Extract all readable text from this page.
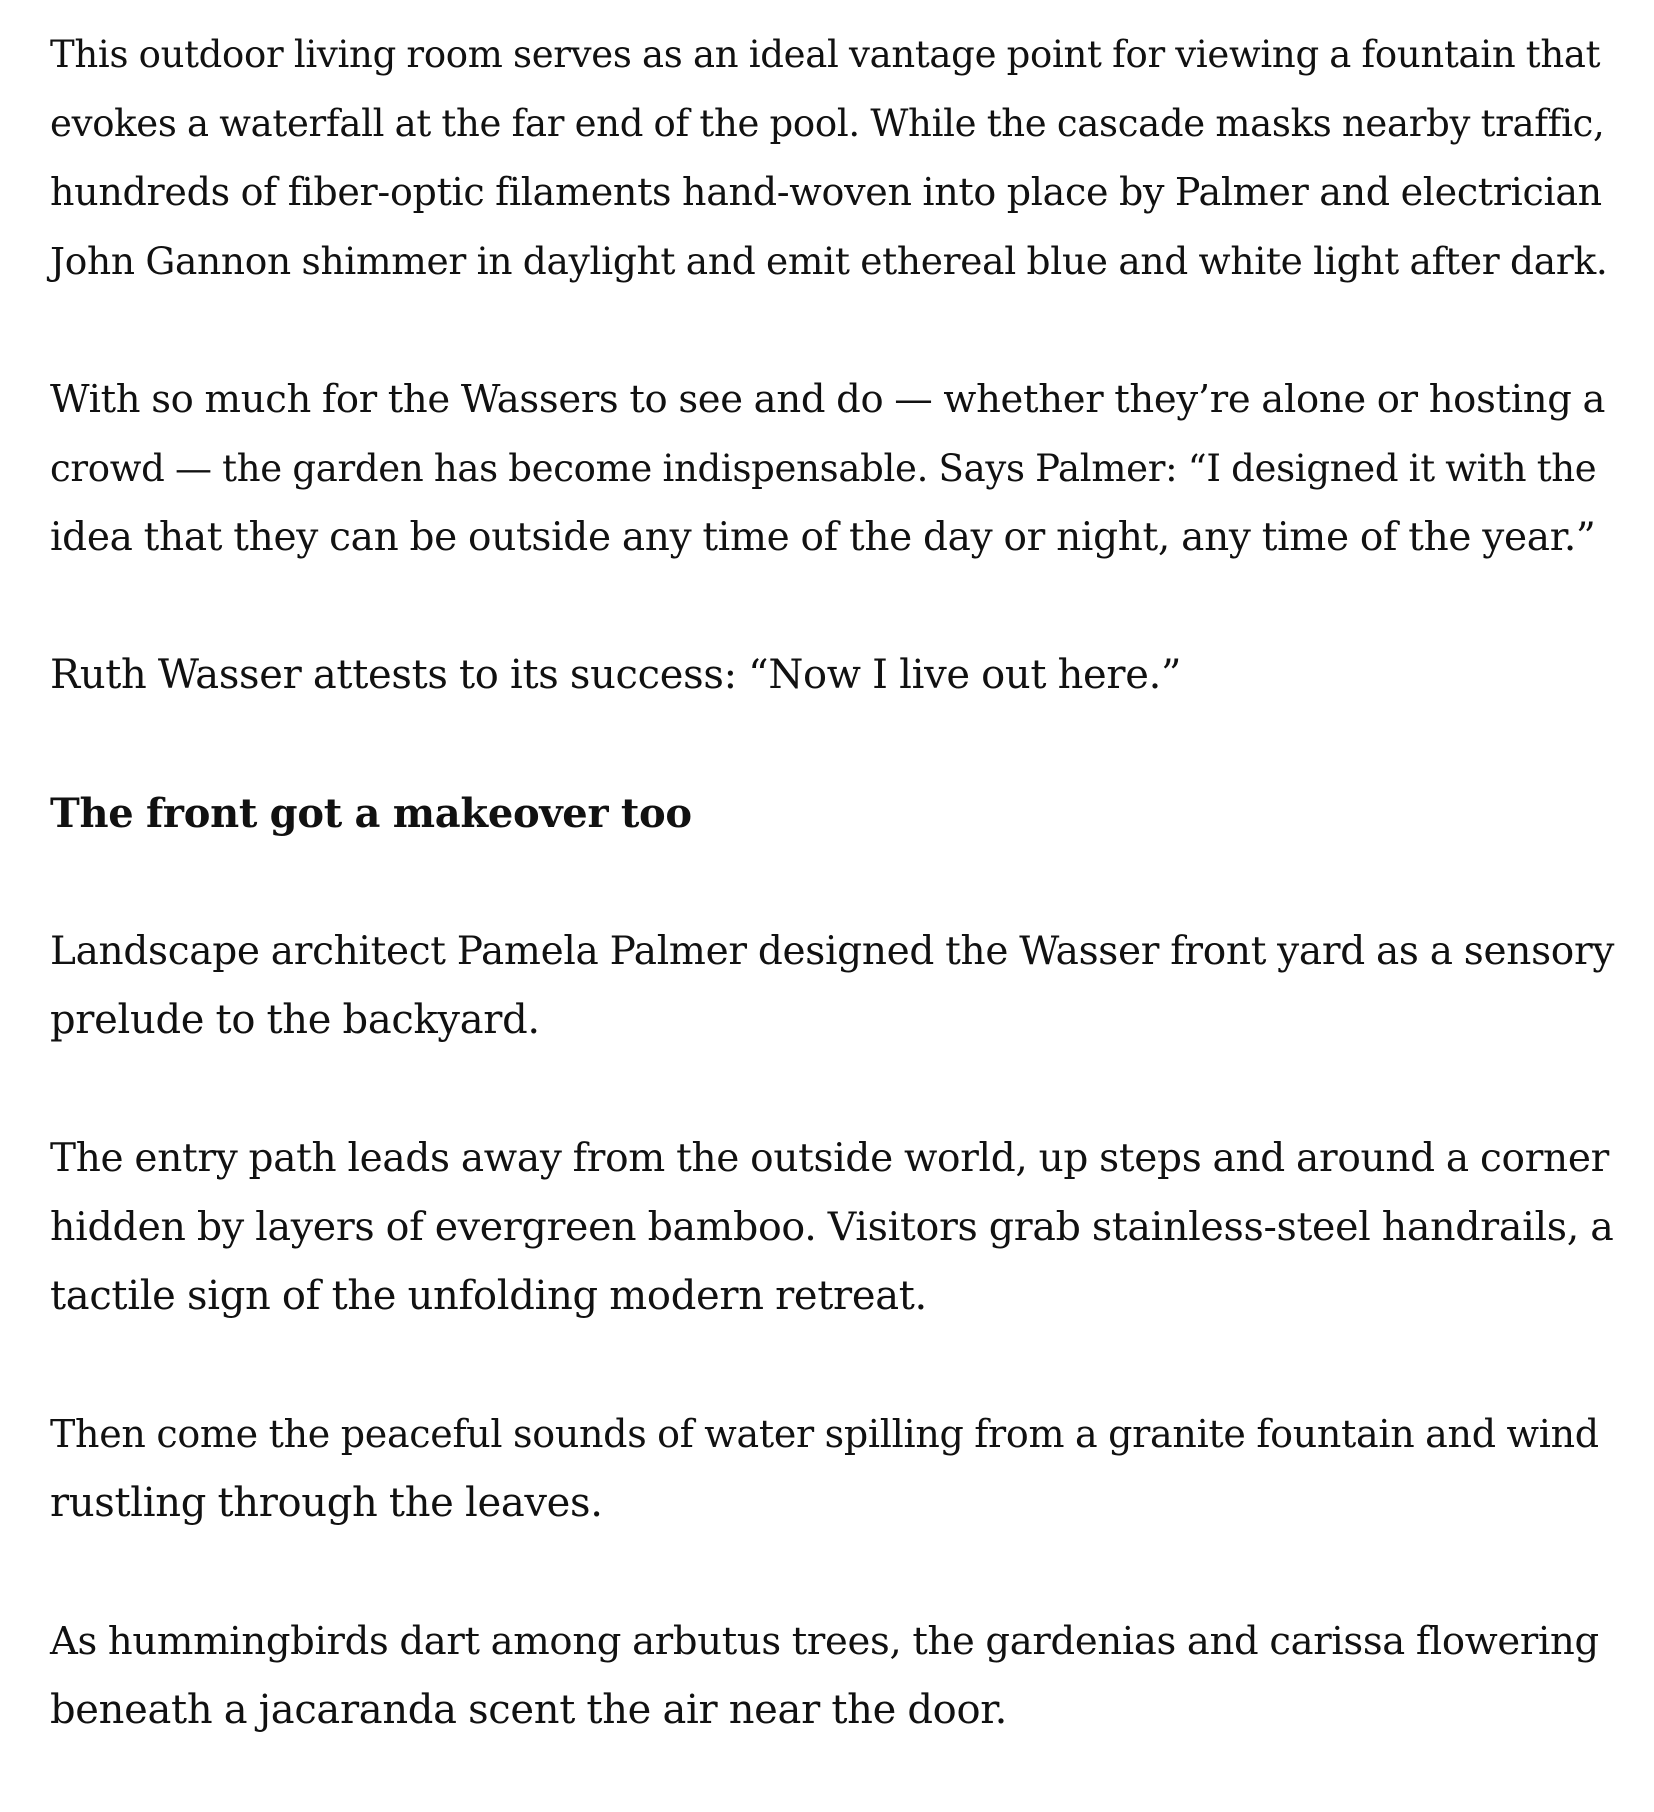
This outdoor living room serves as an ideal vantage point for viewing a fountain that
evokes a waterfall at the far end of the pool. While the cascade masks nearby traffic,
hundreds of fiber-optic filaments hand-woven into place by Palmer and electrician
John Gannon shimmer in daylight and emit ethereal blue and white light after dark.

With so much for the Wassers to see and do — whether they’re alone or hosting a
crowd — the garden has become indispensable. Says Palmer: “I designed it with the
idea that they can be outside any time of the day or night, any time of the year.”

Ruth Wasser attests to its success: “Now I live out here.”

The front got a makeover too

Landscape architect Pamela Palmer designed the Wasser front yard as a sensory
prelude to the backyard.

The entry path leads away from the outside world, up steps and around a corner
hidden by layers of evergreen bamboo. Visitors grab stainless-steel handrails, a
tactile sign of the unfolding modern retreat.

Then come the peaceful sounds of water spilling from a granite fountain and wind
rustling through the leaves.

As hummingbirds dart among arbutus trees, the gardenias and carissa flowering
beneath a jacaranda scent the air near the door.
